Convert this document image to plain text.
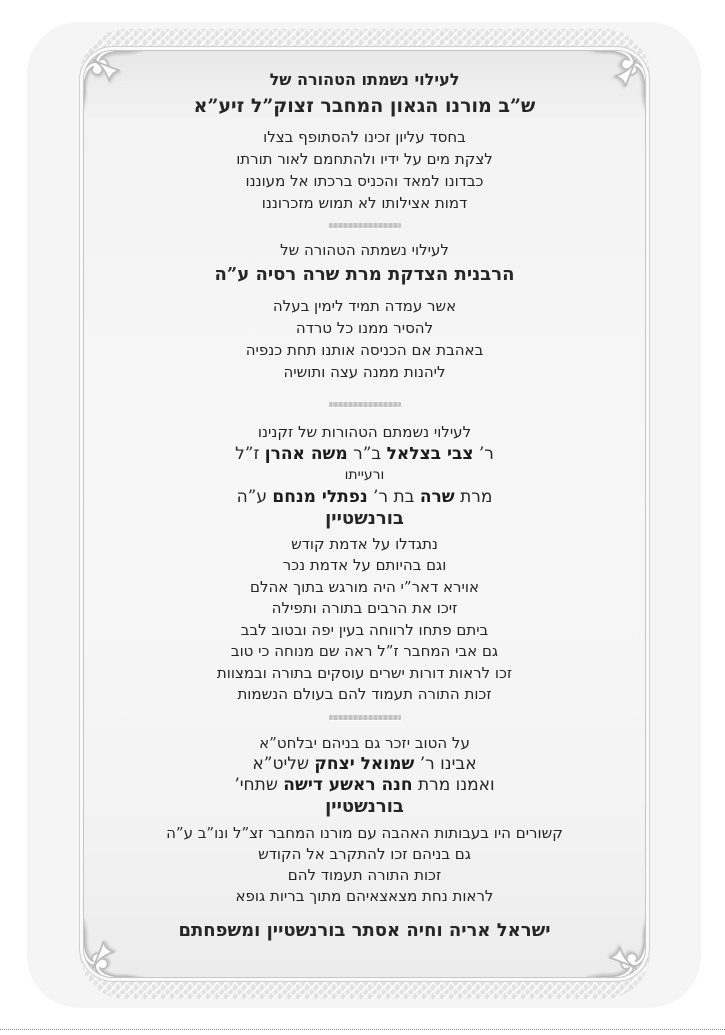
לעילוי נשמתו הטהורה של
ש”ב מורנו הגאון המחבר זצוק”ל זיע”א
בחסד עליון זכינו להסתופף בצלו
לצקת מים על ידיו ולהתחמם לאור תורתו
כבדונו למאד והכניס ברכתו אל מעוננו
דמות אצילותו לא תמוש מזכרוננו
לעילוי נשמתה הטהורה של
הרבנית הצדקת מרת שרה רסיה ע”ה
אשר עמדה תמיד לימין בעלה
להסיר ממנו כל טרדה
באהבת אם הכניסה אותנו תחת כנפיה
ליהנות ממנה עצה ותושיה
לעילוי נשמתם הטהורות של זקנינו
ר’ צבי בצלאל ב”ר משה אהרן ז”ל
ורעייתו
מרת שרה בת ר’ נפתלי מנחם ע”ה
בורנשטיין
נתגדלו על אדמת קודש
וגם בהיותם על אדמת נכר
אוירא דאר”י היה מורגש בתוך אהלם
זיכו את הרבים בתורה ותפילה
ביתם פתחו לרווחה בעין יפה ובטוב לבב
גם אבי המחבר ז”ל ראה שם מנוחה כי טוב
זכו לראות דורות ישרים עוסקים בתורה ובמצוות
זכות התורה תעמוד להם בעולם הנשמות
על הטוב יזכר גם בניהם יבלחט”א
אבינו ר’ שמואל יצחק שליט”א
ואמנו מרת חנה ראשע דישה שתחי’
בורנשטיין
קשורים היו בעבותות האהבה עם מורנו המחבר זצ”ל ונו”ב ע”ה
גם בניהם זכו להתקרב אל הקודש
זכות התורה תעמוד להם
לראות נחת מצאצאיהם מתוך בריות גופא
ישראל אריה וחיה אסתר בורנשטיין ומשפחתם
